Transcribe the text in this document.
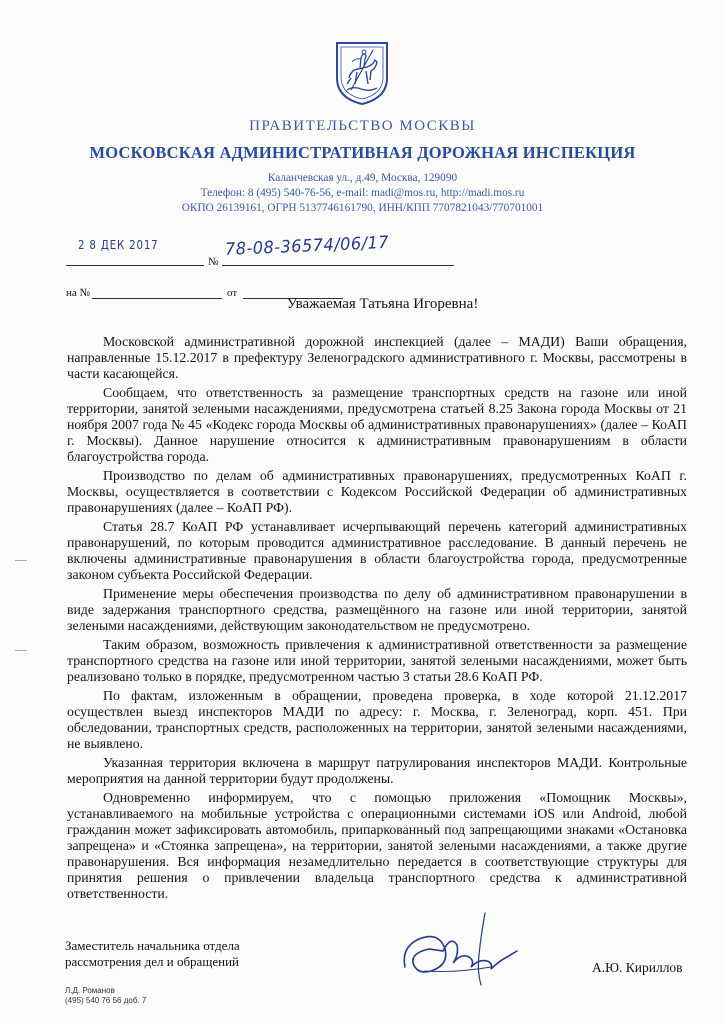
ПРАВИТЕЛЬСТВО МОСКВЫ
МОСКОВСКАЯ АДМИНИСТРАТИВНАЯ ДОРОЖНАЯ ИНСПЕКЦИЯ
Каланчевская ул., д.49, Москва, 129090
Телефон: 8 (495) 540-76-56, e-mail: madi@mos.ru, http://madi.mos.ru
ОКПО 26139161, ОГРН 5137746161790, ИНН/КПП 7707821043/770701001
2 8 ДЕК 2017
№
78-08-36574/06/17
на №	от
Уважаемая Татьяна Игоревна!

Московской административной дорожной инспекцией (далее – МАДИ) Ваши обращения, направленные 15.12.2017 в префектуру Зеленоградского административного г. Москвы, рассмотрены в части касающейся.

Сообщаем, что ответственность за размещение транспортных средств на газоне или иной территории, занятой зелеными насаждениями, предусмотрена статьей 8.25 Закона города Москвы от 21 ноября 2007 года № 45 «Кодекс города Москвы об административных правонарушениях» (далее – КоАП г. Москвы). Данное нарушение относится к административным правонарушениям в области благоустройства города.

Производство по делам об административных правонарушениях, предусмотренных КоАП г. Москвы, осуществляется в соответствии с Кодексом Российской Федерации об административных правонарушениях (далее – КоАП РФ).

Статья 28.7 КоАП РФ устанавливает исчерпывающий перечень категорий административных правонарушений, по которым проводится административное расследование. В данный перечень не включены административные правонарушения в области благоустройства города, предусмотренные законом субъекта Российской Федерации.

Применение меры обеспечения производства по делу об административном правонарушении в виде задержания транспортного средства, размещённого на газоне или иной территории, занятой зелеными насаждениями, действующим законодательством не предусмотрено.

Таким образом, возможность привлечения к административной ответственности за размещение транспортного средства на газоне или иной территории, занятой зелеными насаждениями, может быть реализовано только в порядке, предусмотренном частью 3 статьи 28.6 КоАП РФ.

По фактам, изложенным в обращении, проведена проверка, в ходе которой 21.12.2017 осуществлен выезд инспекторов МАДИ по адресу: г. Москва, г. Зеленоград, корп. 451. При обследовании, транспортных средств, расположенных на территории, занятой зелеными насаждениями, не выявлено.

Указанная территория включена в маршрут патрулирования инспекторов МАДИ. Контрольные мероприятия на данной территории будут продолжены.

Одновременно информируем, что с помощью приложения «Помощник Москвы», устанавливаемого на мобильные устройства с операционными системами iOS или Android, любой гражданин может зафиксировать автомобиль, припаркованный под запрещающими знаками «Остановка запрещена» и «Стоянка запрещена», на территории, занятой зелеными насаждениями, а также другие правонарушения. Вся информация незамедлительно передается в соответствующие структуры для принятия решения о привлечении владельца транспортного средства к административной ответственности.

Заместитель начальника отдела
рассмотрения дел и обращений	А.Ю. Кириллов
Л.Д. Романов
(495) 540 76 56 доб. 7
